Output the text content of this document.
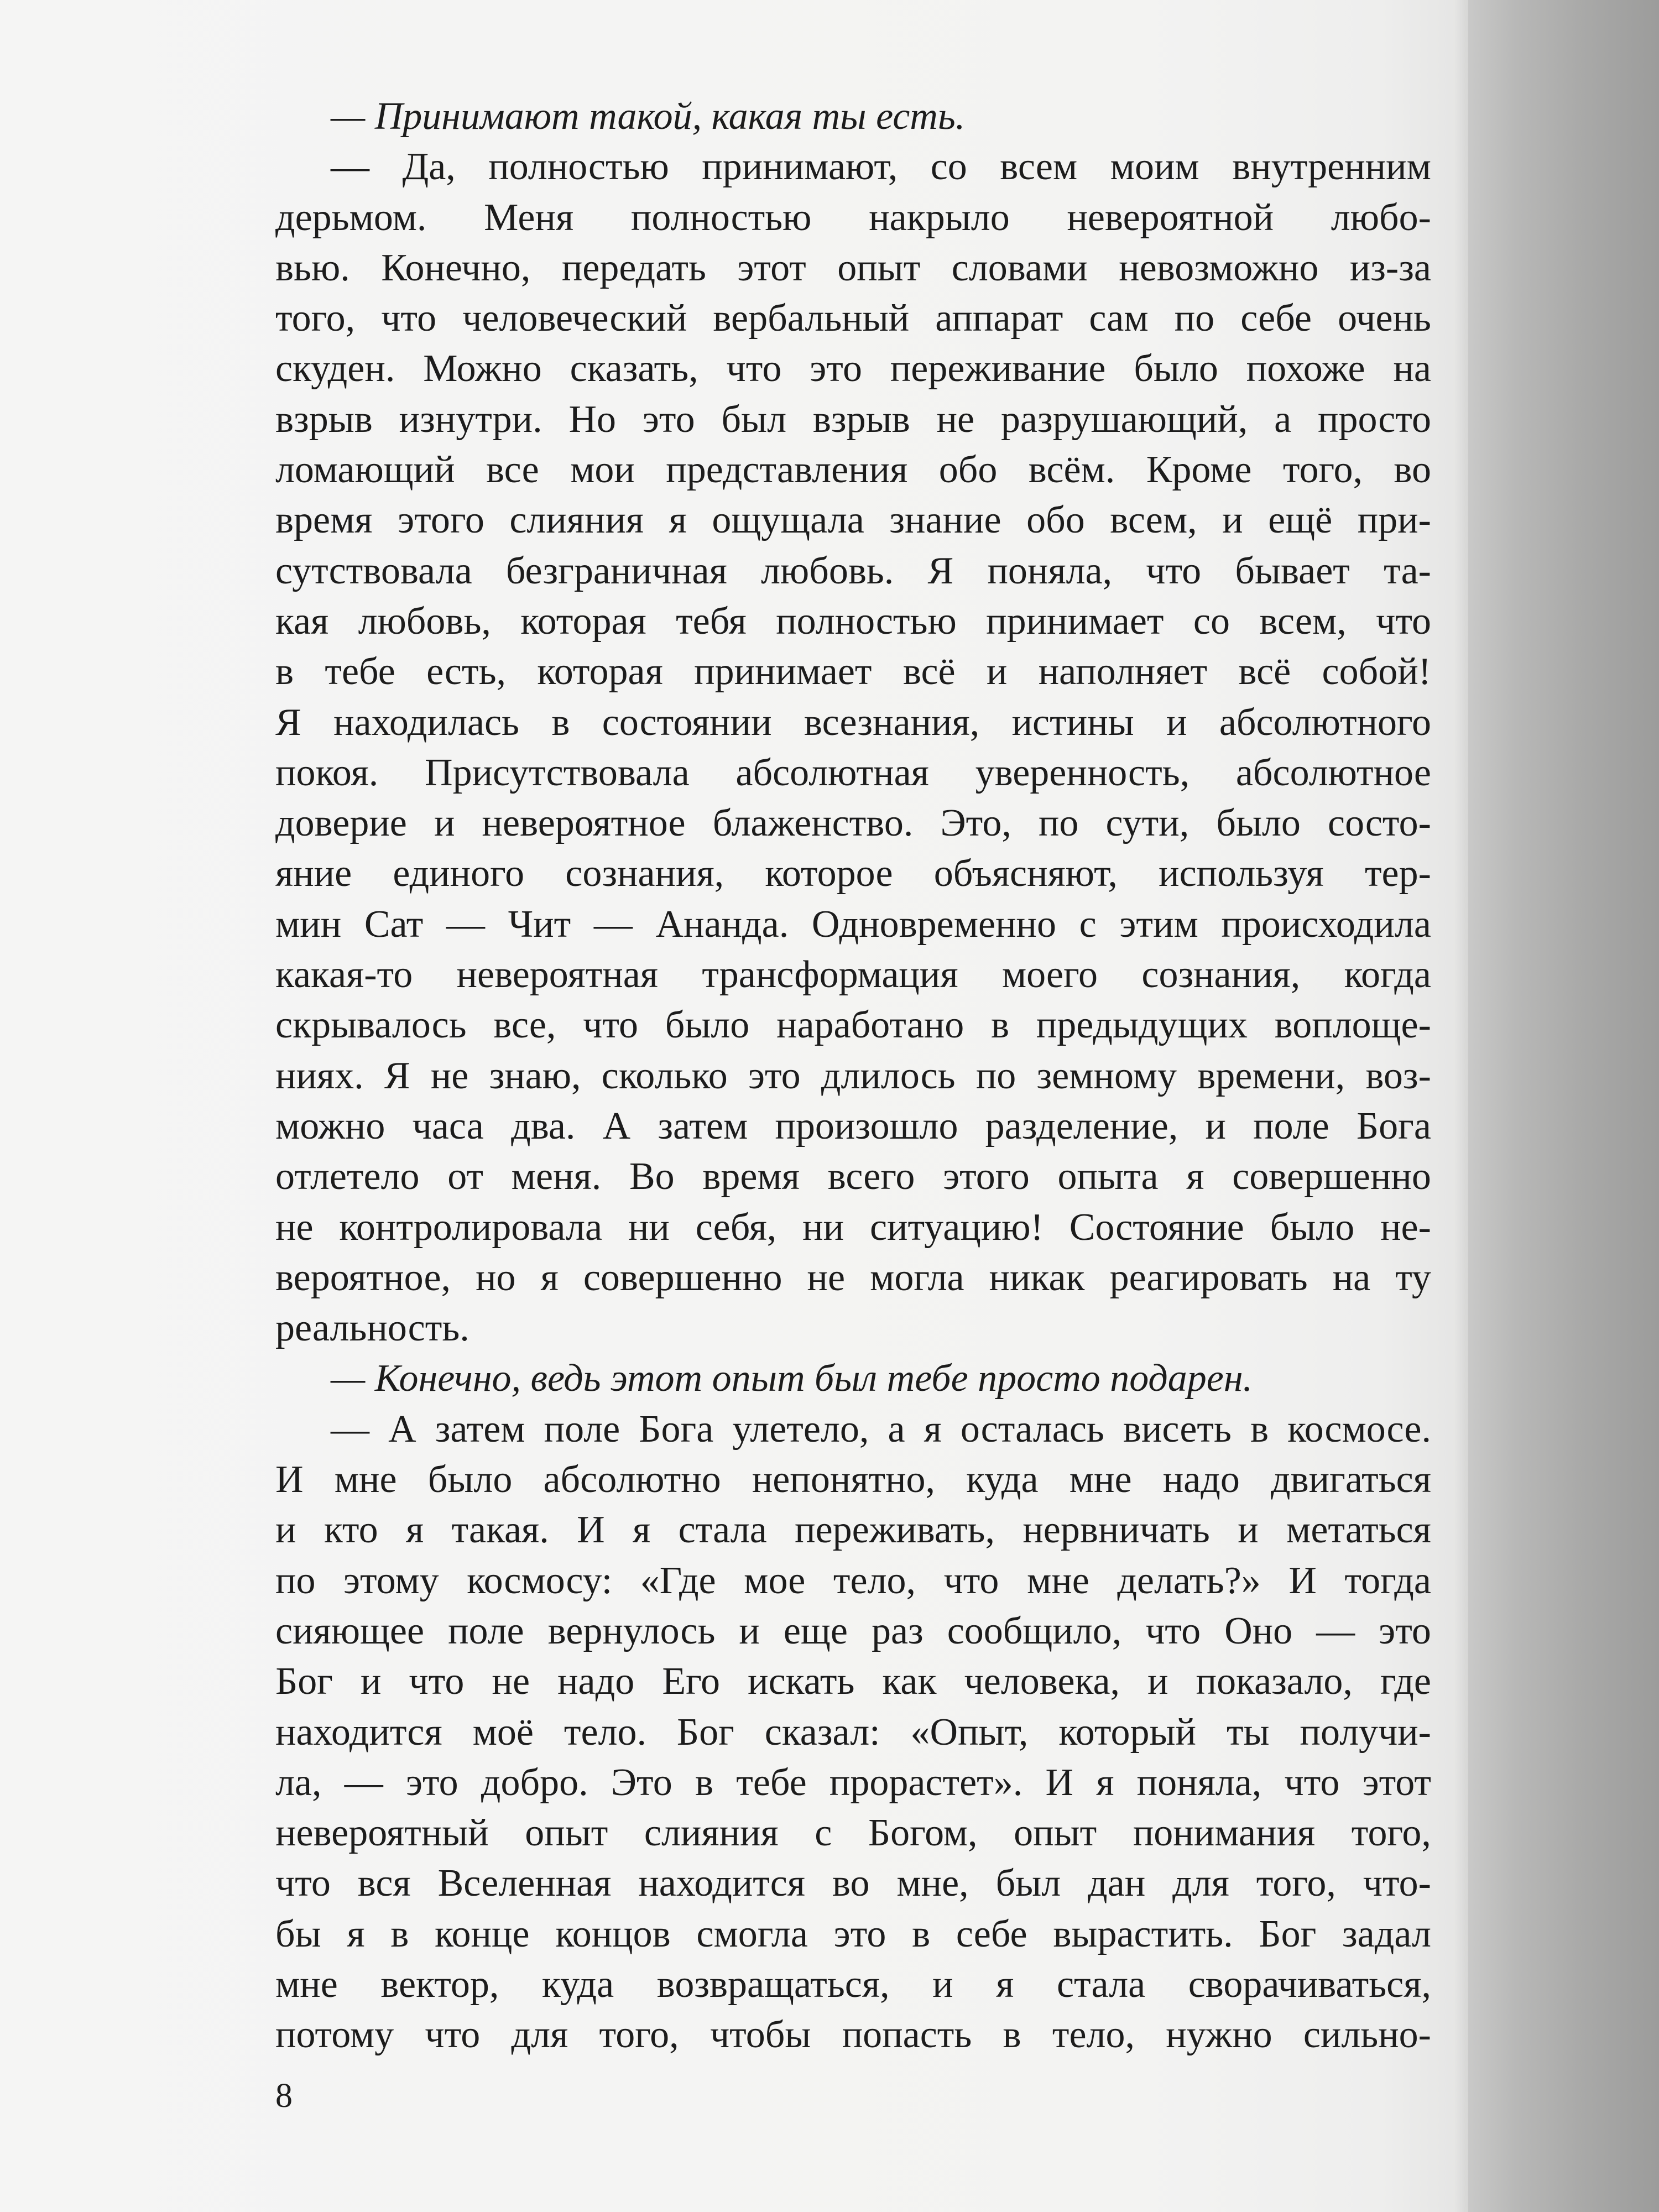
— Принимают такой, какая ты есть.
— Да, полностью принимают, со всем моим внутренним
дерьмом. Меня полностью накрыло невероятной любо-
вью. Конечно, передать этот опыт словами невозможно из-за
того, что человеческий вербальный аппарат сам по себе очень
скуден. Можно сказать, что это переживание было похоже на
взрыв изнутри. Но это был взрыв не разрушающий, а просто
ломающий все мои представления обо всём. Кроме того, во
время этого слияния я ощущала знание обо всем, и ещё при-
сутствовала безграничная любовь. Я поняла, что бывает та-
кая любовь, которая тебя полностью принимает со всем, что
в тебе есть, которая принимает всё и наполняет всё собой!
Я находилась в состоянии всезнания, истины и абсолютного
покоя. Присутствовала абсолютная уверенность, абсолютное
доверие и невероятное блаженство. Это, по сути, было состо-
яние единого сознания, которое объясняют, используя тер-
мин Сат — Чит — Ананда. Одновременно с этим происходила
какая-то невероятная трансформация моего сознания, когда
скрывалось все, что было наработано в предыдущих воплоще-
ниях. Я не знаю, сколько это длилось по земному времени, воз-
можно часа два. А затем произошло разделение, и поле Бога
отлетело от меня. Во время всего этого опыта я совершенно
не контролировала ни себя, ни ситуацию! Состояние было не-
вероятное, но я совершенно не могла никак реагировать на ту
реальность.
— Конечно, ведь этот опыт был тебе просто подарен.
— А затем поле Бога улетело, а я осталась висеть в космосе.
И мне было абсолютно непонятно, куда мне надо двигаться
и кто я такая. И я стала переживать, нервничать и метаться
по этому космосу: «Где мое тело, что мне делать?» И тогда
сияющее поле вернулось и еще раз сообщило, что Оно — это
Бог и что не надо Его искать как человека, и показало, где
находится моё тело. Бог сказал: «Опыт, который ты получи-
ла, — это добро. Это в тебе прорастет». И я поняла, что этот
невероятный опыт слияния с Богом, опыт понимания того,
что вся Вселенная находится во мне, был дан для того, что-
бы я в конце концов смогла это в себе вырастить. Бог задал
мне вектор, куда возвращаться, и я стала сворачиваться,
потому что для того, чтобы попасть в тело, нужно сильно-
8
